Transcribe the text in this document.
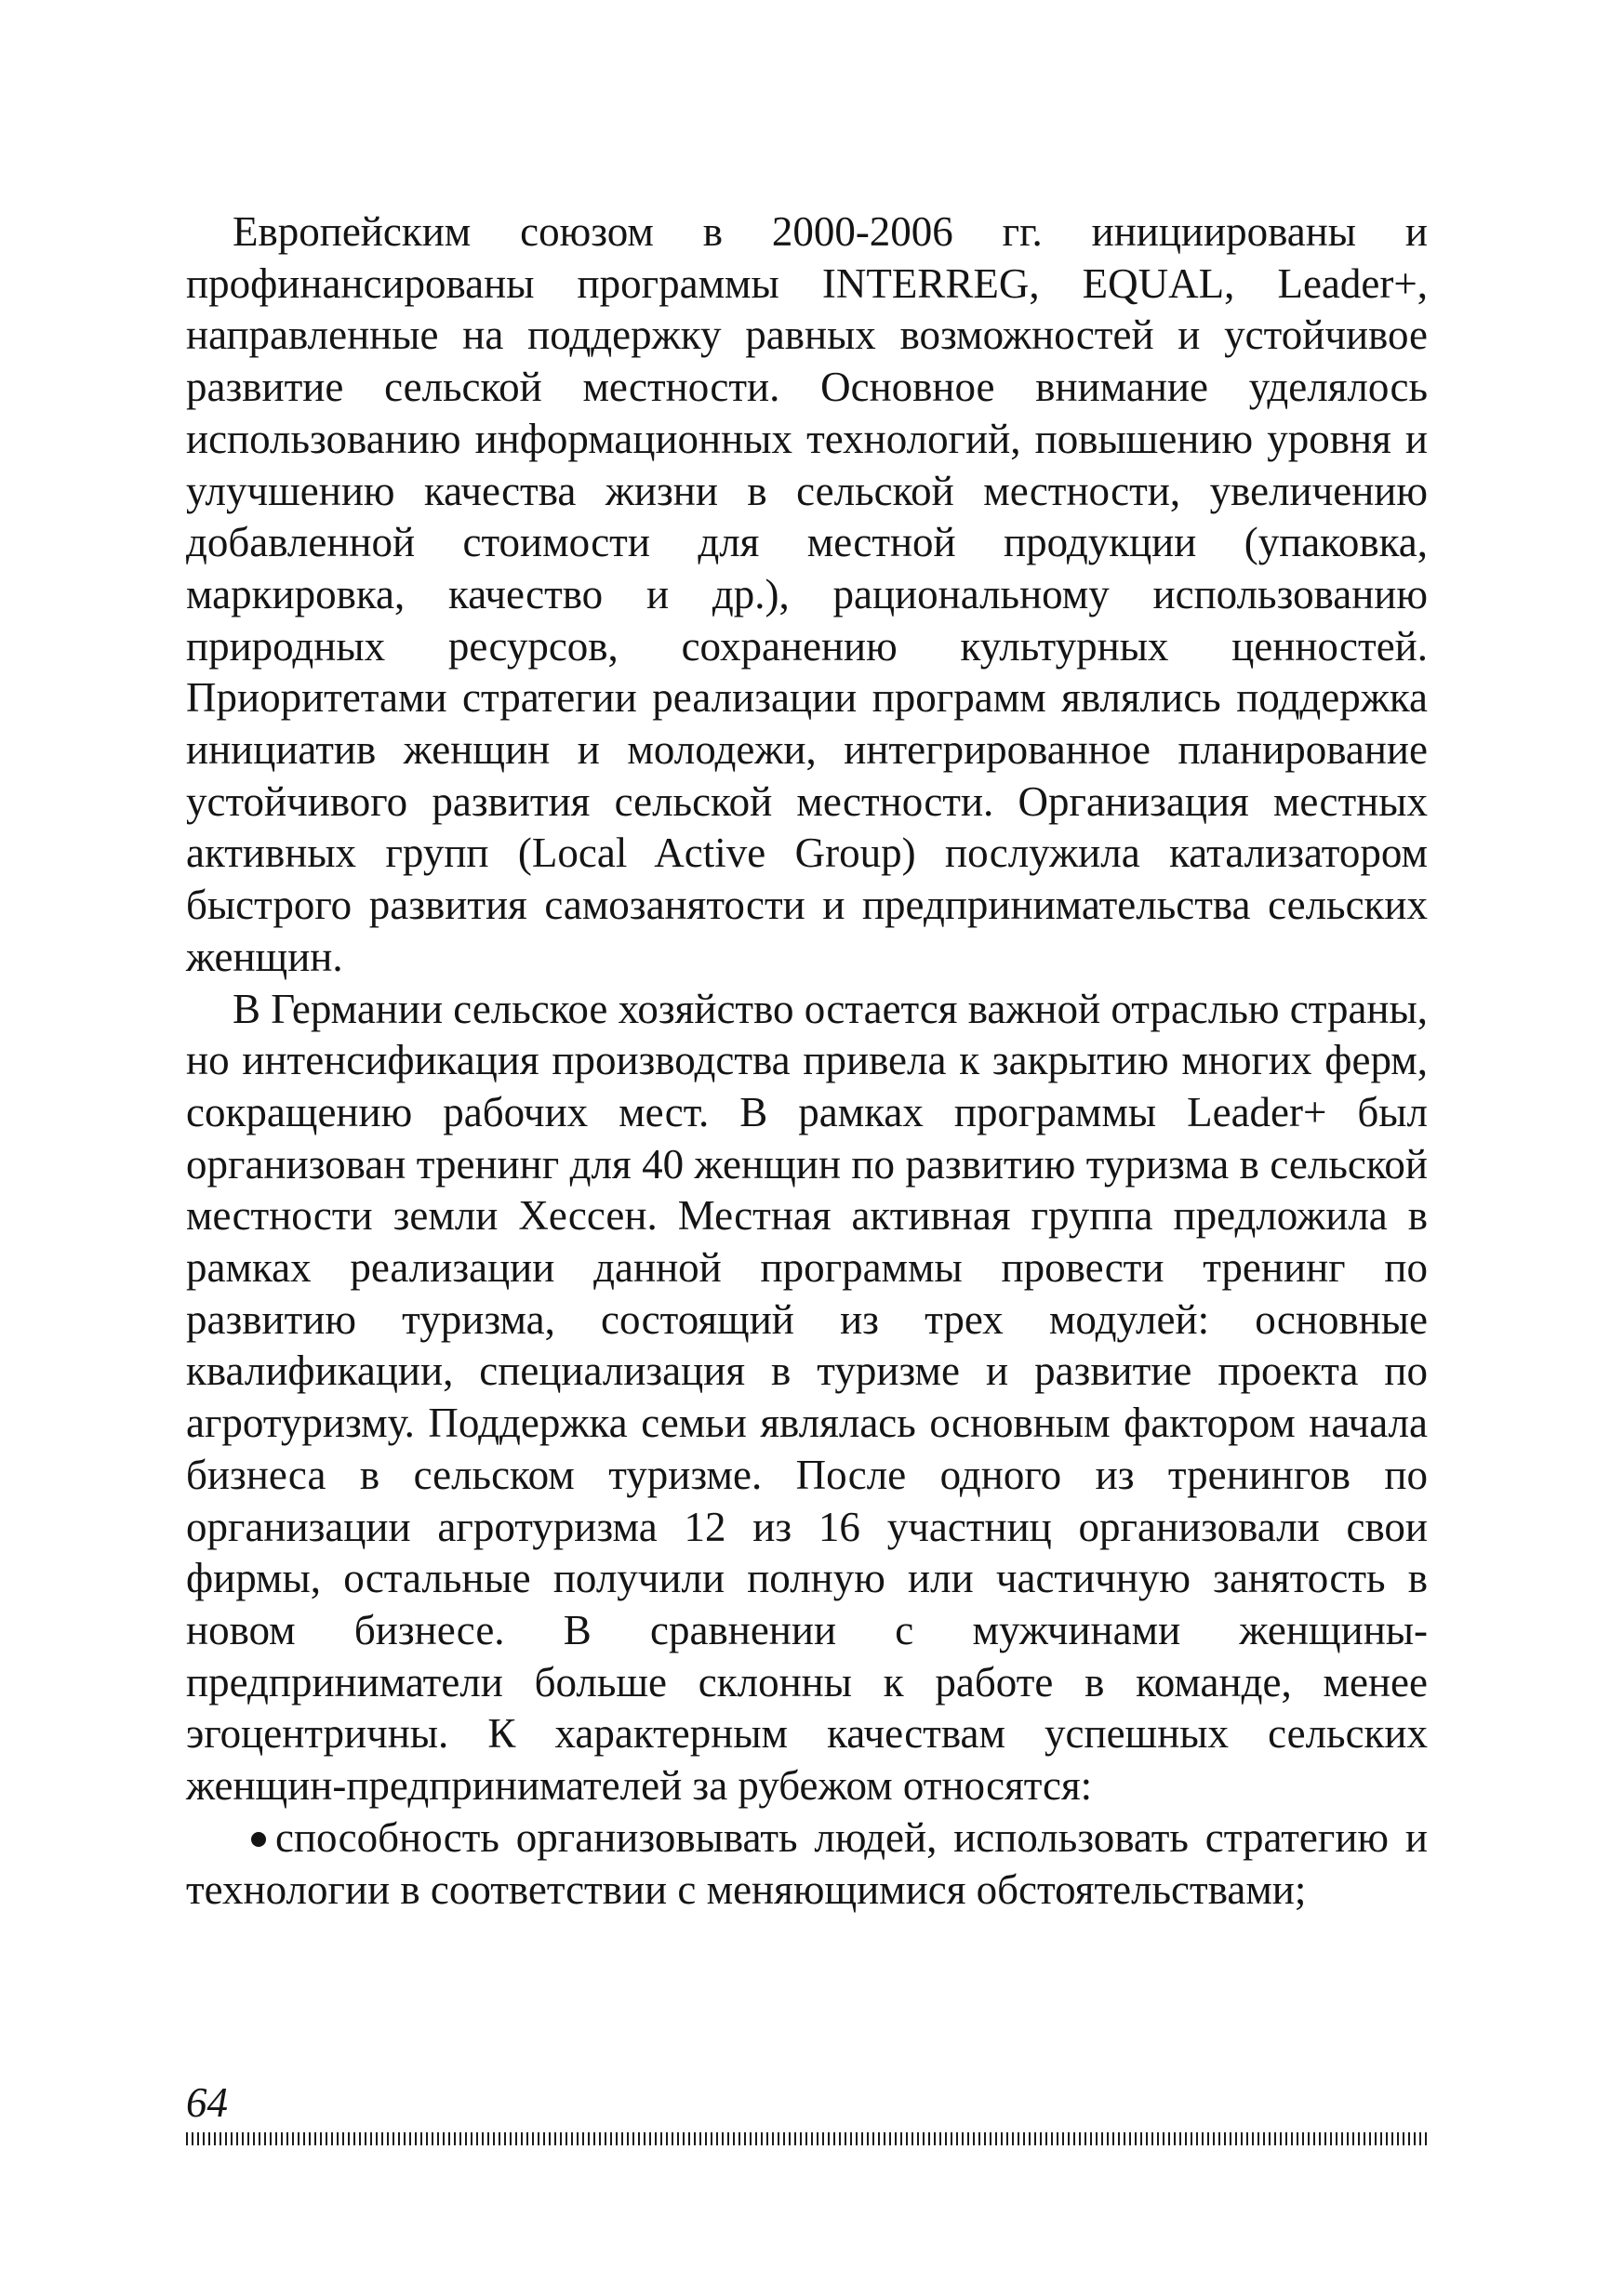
Европейским союзом в 2000-2006 гг. инициированы и профинансированы программы INTERREG, EQUAL, Leader+, направленные на поддержку равных возможностей и устойчивое развитие сельской местности. Основное внимание уделялось использованию информационных технологий, повышению уровня и улучшению качества жизни в сельской местности, увеличению добавленной стоимости для местной продукции (упаковка, маркировка, качество и др.), рациональному использованию природных ресурсов, сохранению культурных ценностей. Приоритетами стратегии реализации программ являлись поддержка инициатив женщин и молодежи, интегрированное планирование устойчивого развития сельской местности. Организация местных активных групп (Local Active Group) послужила катализатором быстрого развития самозанятости и предпринимательства сельских женщин.

В Германии сельское хозяйство остается важной отраслью страны, но интенсификация производства привела к закрытию многих ферм, сокращению рабочих мест. В рамках программы Leader+ был организован тренинг для 40 женщин по развитию туризма в сельской местности земли Хессен. Местная активная группа предложила в рамках реализации данной программы провести тренинг по развитию туризма, состоящий из трех модулей: основные квалификации, специализация в туризме и развитие проекта по агротуризму. Поддержка семьи являлась основным фактором начала бизнеса в сельском туризме. После одного из тренингов по организации агротуризма 12 из 16 участниц организовали свои фирмы, остальные получили полную или частичную занятость в новом бизнесе. В сравнении с мужчинами женщины-предприниматели больше склонны к работе в команде, менее эгоцентричны. К характерным качествам успешных сельских женщин-предпринимателей за рубежом относятся:

способность организовывать людей, использовать стратегию и технологии в соответствии с меняющимися обстоятельствами;

64
